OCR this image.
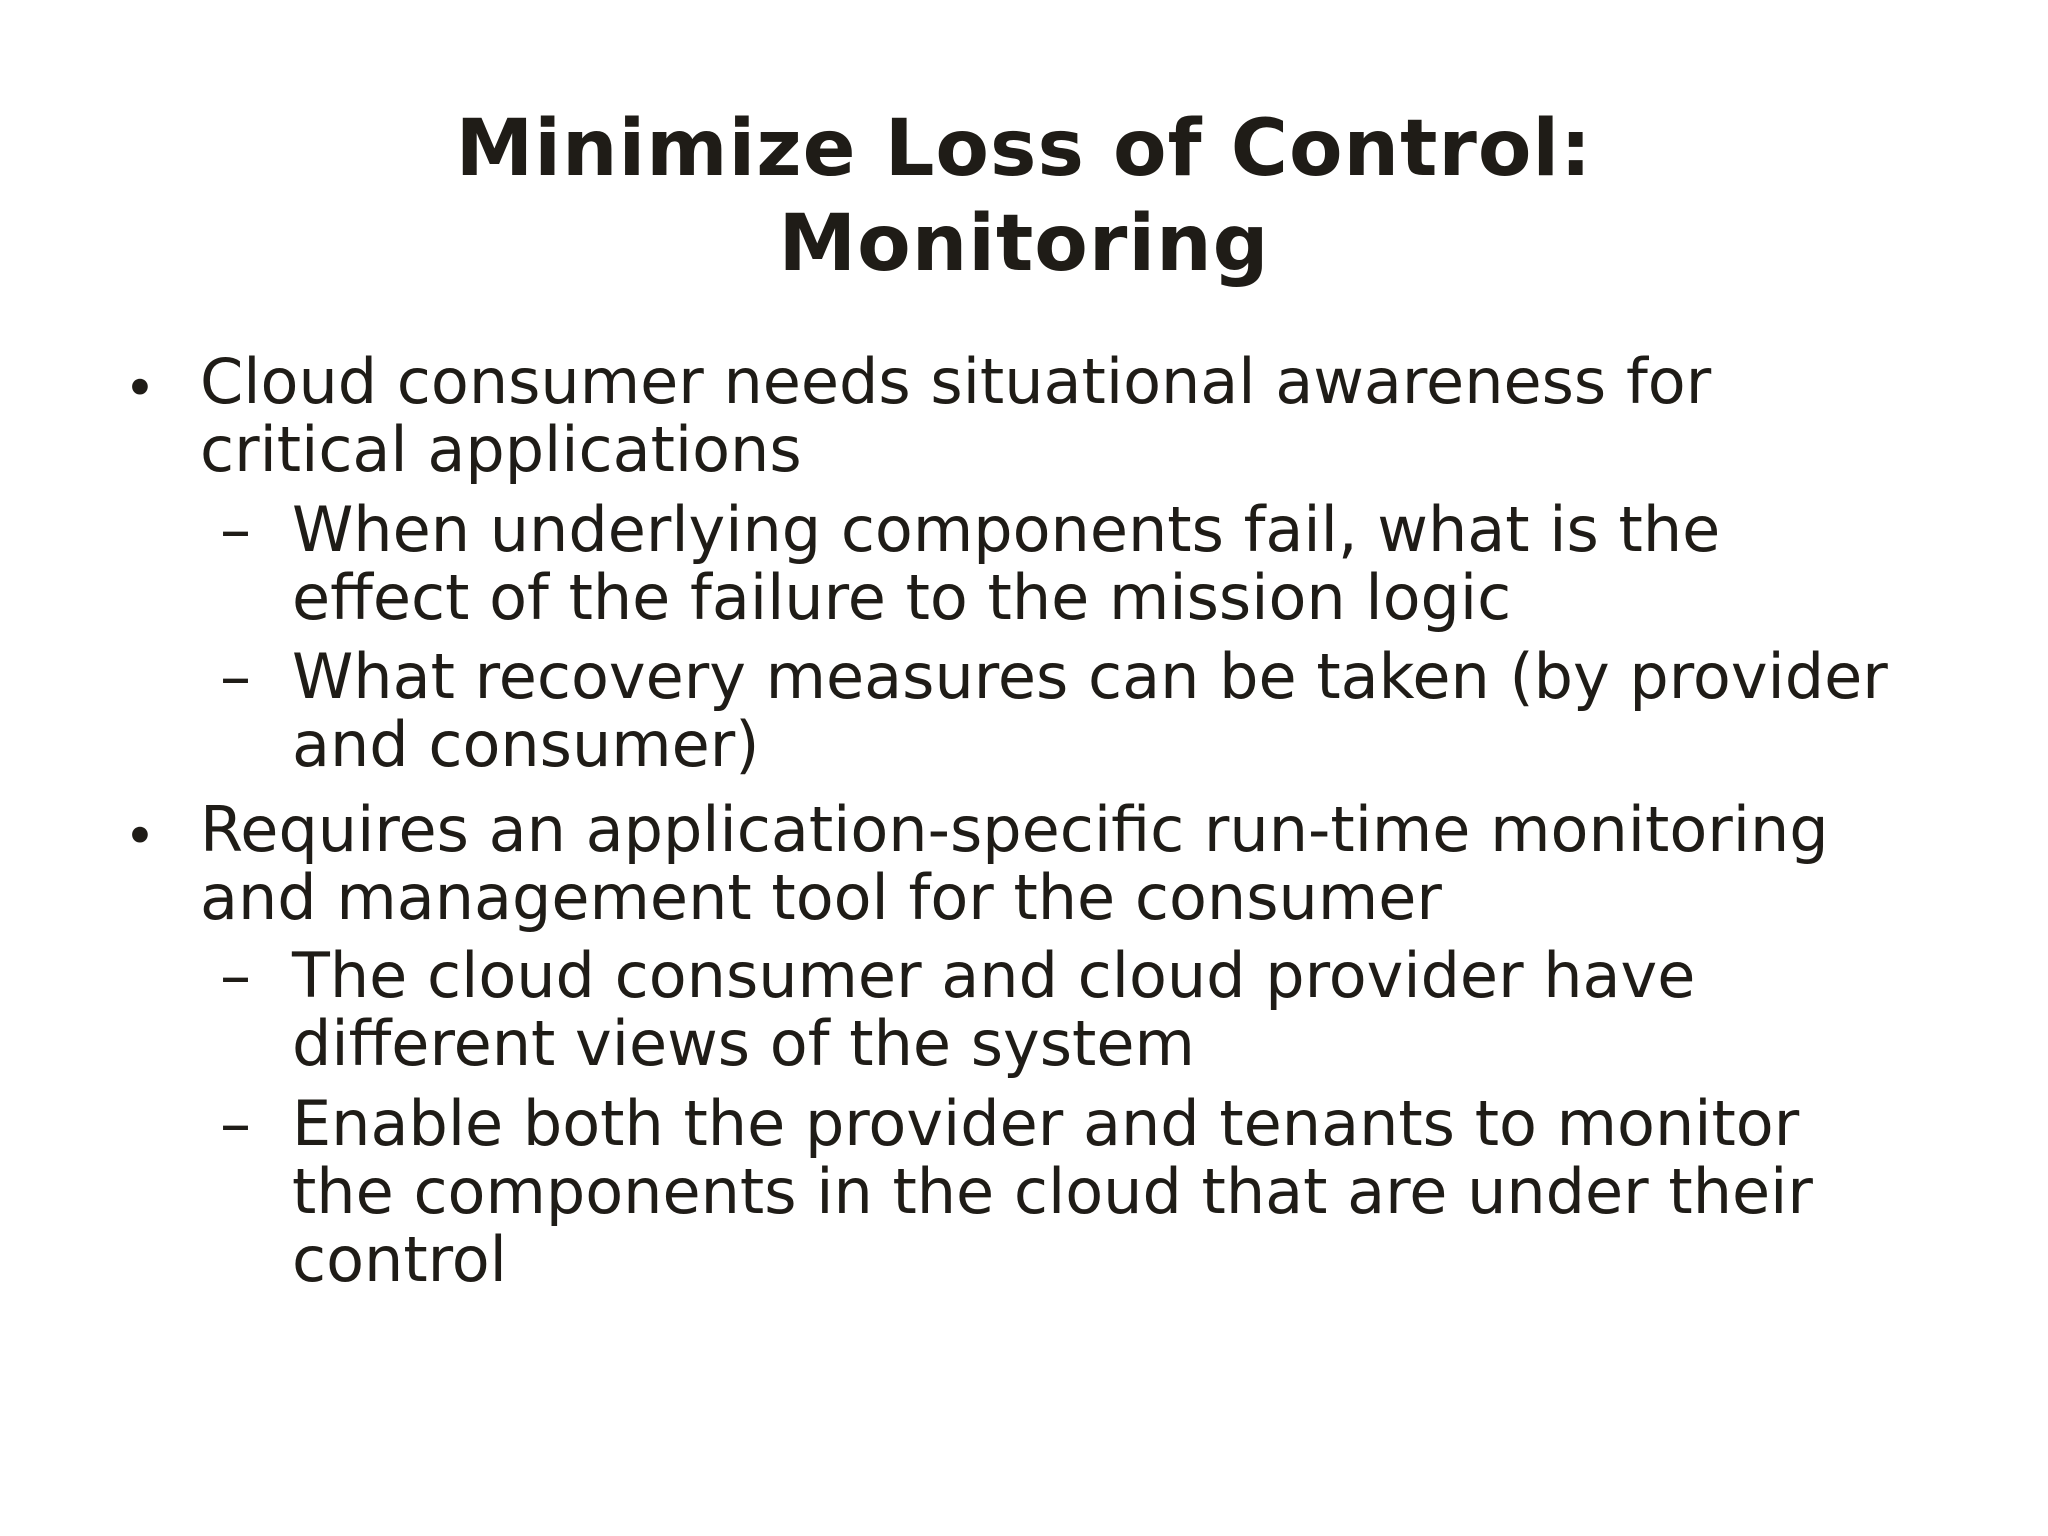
Minimize Loss of Control:
Monitoring
• Cloud consumer needs situational awareness for
critical applications
– When underlying components fail, what is the
effect of the failure to the mission logic
– What recovery measures can be taken (by provider
and consumer)
• Requires an application-specific run-time monitoring
and management tool for the consumer
– The cloud consumer and cloud provider have
different views of the system
– Enable both the provider and tenants to monitor
the components in the cloud that are under their
control
